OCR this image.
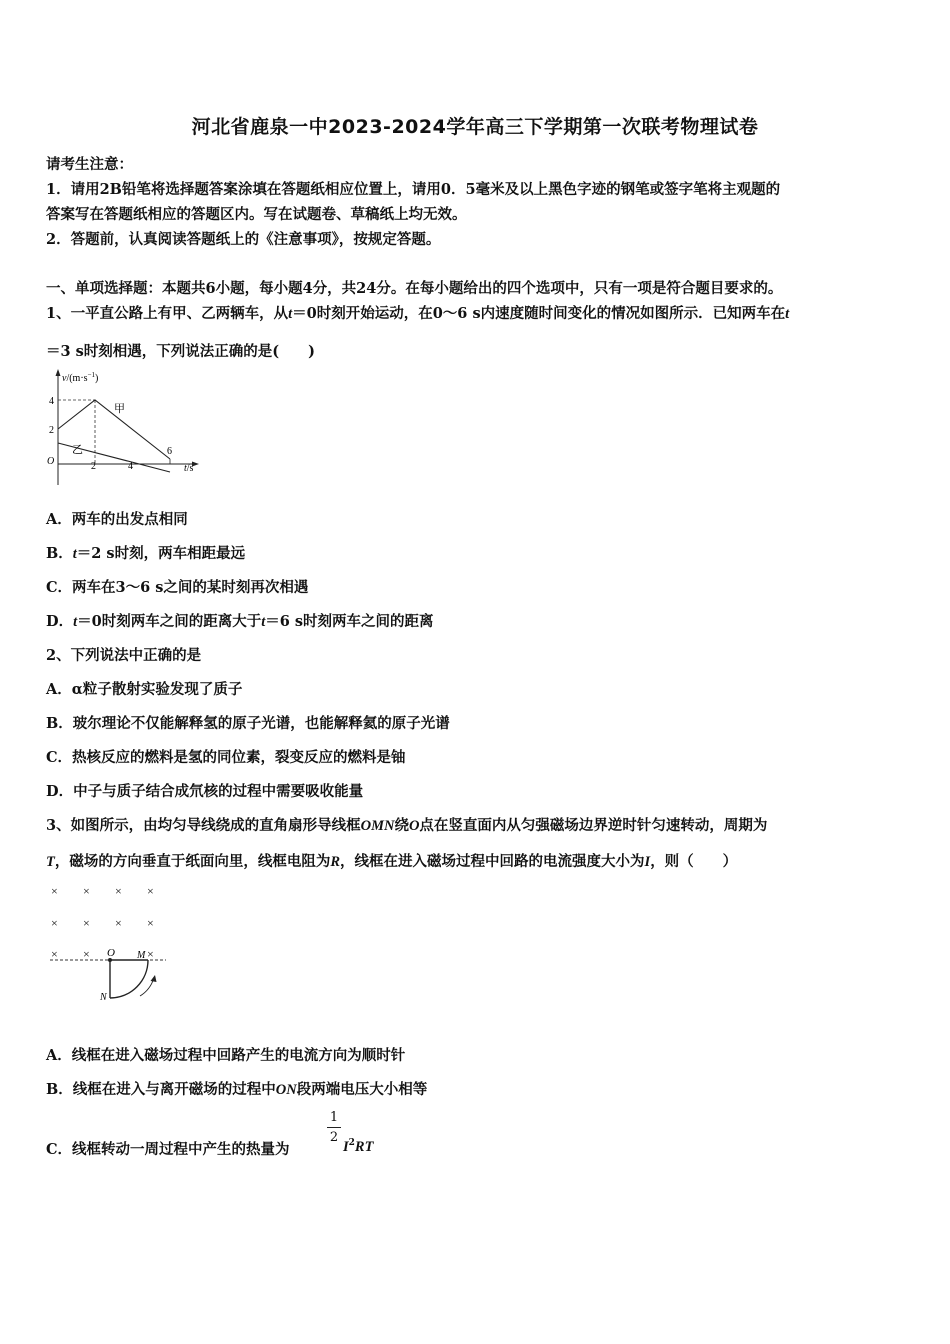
河北省鹿泉一中2023-2024学年高三下学期第一次联考物理试卷
请考生注意：
1．请用2B铅笔将选择题答案涂填在答题纸相应位置上，请用0．5毫米及以上黑色字迹的钢笔或签字笔将主观题的
答案写在答题纸相应的答题区内。写在试题卷、草稿纸上均无效。
2．答题前，认真阅读答题纸上的《注意事项》，按规定答题。
一、单项选择题：本题共6小题，每小题4分，共24分。在每小题给出的四个选项中，只有一项是符合题目要求的。
1、一平直公路上有甲、乙两辆车，从t＝0时刻开始运动，在0～6 s内速度随时间变化的情况如图所示．已知两车在t
＝3 s时刻相遇，下列说法正确的是(　　)
$v/(m\cdot s^{-1})$
t/s
O
4
2
2	4
6
甲
乙
A．两车的出发点相同
B．t＝2 s时刻，两车相距最远
C．两车在3～6 s之间的某时刻再次相遇
D．t＝0时刻两车之间的距离大于t＝6 s时刻两车之间的距离
2、下列说法中正确的是
A．α粒子散射实验发现了质子
B．玻尔理论不仅能解释氢的原子光谱，也能解释氦的原子光谱
C．热核反应的燃料是氢的同位素，裂变反应的燃料是铀
D．中子与质子结合成氘核的过程中需要吸收能量
3、如图所示，由均匀导线绕成的直角扇形导线框OMN绕O点在竖直面内从匀强磁场边界逆时针匀速转动，周期为
T，磁场的方向垂直于纸面向里，线框电阻为R，线框在进入磁场过程中回路的电流强度大小为I，则（　　）
× × × ×
× × × ×
× ×	×
O M
N
A．线框在进入磁场过程中回路产生的电流方向为顺时针
B．线框在进入与离开磁场的过程中ON段两端电压大小相等
C．线框转动一周过程中产生的热量为
1
2
$I^2RT$
